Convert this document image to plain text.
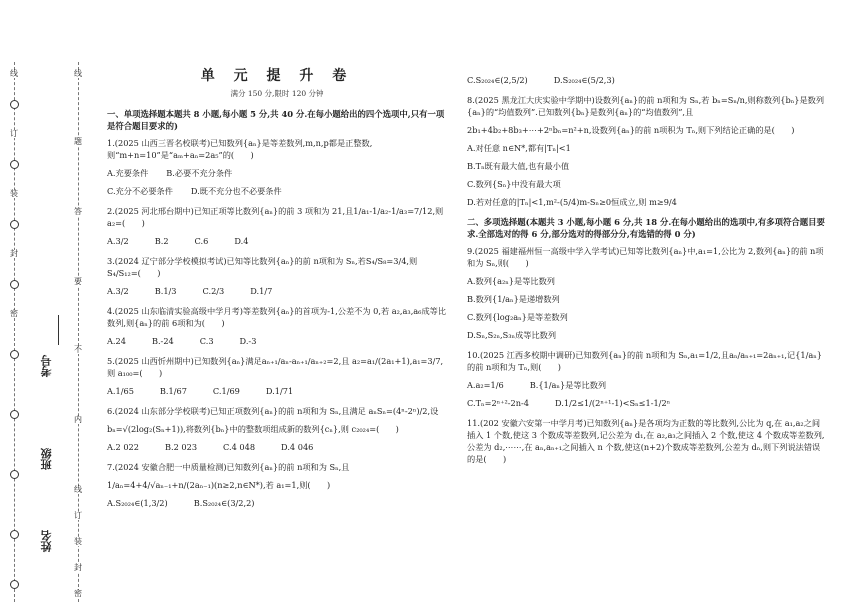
线
订
装
封
密
线
题
答
要
不
内
线
订
装
封
密
考号
班级
姓名
单 元 提 升 卷
满分 150 分,限时 120 分钟
一、单项选择题本题共 8 小题,每小题 5 分,共 40 分.在每小题给出的四个选项中,只有一项是符合题目要求的)
1.(2025 山西三晋名校联考)已知数列{aₙ}是等差数列,m,n,p都是正整数,则“m+n=10”是“aₘ+aₙ=2a₅”的(　　)
A.充要条件 B.必要不充分条件
C.充分不必要条件 D.既不充分也不必要条件
2.(2025 河北邢台期中)已知正项等比数列{aₙ}的前 3 项和为 21,且1/a₁-1/a₂-1/a₃=7/12,则 a₂=(　　)
A.3/2	B.2	C.6	D.4
3.(2024 辽宁部分学校模拟考试)已知等比数列{aₙ}的前 n项和为 Sₙ,若S₄/S₈=3/4,则S₄/S₁₂=(　　)
A.3/2	B.1/3	C.2/3	D.1/7
4.(2025 山东临清实验高级中学月考)等差数列{aₙ}的首项为-1,公差不为 0,若 a₂,a₃,a₆成等比数列,则{aₙ}的前 6项和为(　　)
A.24	B.-24	C.3	D.-3
5.(2025 山西忻州期中)已知数列{aₙ}满足aₙ₊₁/aₙ-aₙ₊₁/aₙ₊₂=2,且 a₂=a₁/(2a₁+1),a₁=3/7,则 a₁₀₀=(　　)
A.1/65	B.1/67	C.1/69	D.1/71
6.(2024 山东部分学校联考)已知正项数列{aₙ}的前 n项和为 Sₙ,且满足 aₙSₙ=(4ⁿ-2ⁿ)/2,设
bₙ=√(2log₂(Sₙ+1)),将数列{bₙ}中的整数项组成新的数列{cₙ},则 c₂₀₂₄=(　　)
A.2 022	B.2 023	C.4 048	D.4 046
7.(2024 安徽合肥一中质量检测)已知数列{aₙ}的前 n项和为 Sₙ,且
1/aₙ=4+4/√aₙ₋₁+n/(2aₙ₋₁)(n≥2,n∈N*),若 a₁=1,则(　　)
A.S₂₀₂₄∈(1,3/2)	B.S₂₀₂₄∈(3/2,2)
C.S₂₀₂₄∈(2,5/2)	D.S₂₀₂₄∈(5/2,3)
8.(2025 黑龙江大庆实验中学期中)设数列{aₙ}的前 n项和为 Sₙ,若 bₙ=Sₙ/n,则称数列{bₙ}是数列{aₙ}的“均值数列”.已知数列{bₙ}是数列{aₙ}的“均值数列”,且
2b₁+4b₂+8b₃+⋯+2ⁿbₙ=n²+n,设数列{aₙ}的前 n项积为 Tₙ,则下列结论正确的是(　　)
A.对任意 n∈N*,都有|Tₙ|<1
B.Tₙ既有最大值,也有最小值
C.数列{Sₙ}中没有最大项
D.若对任意的|Tₙ|<1,m²-(5/4)m-Sₙ≥0恒成立,则 m≥9/4
二、多项选择题(本题共 3 小题,每小题 6 分,共 18 分.在每小题给出的选项中,有多项符合题目要求.全部选对的得 6 分,部分选对的得部分分,有选错的得 0 分)
9.(2025 福建福州恒一高级中学入学考试)已知等比数列{aₙ}中,a₁=1,公比为 2,数列{aₙ}的前 n项和为 Sₙ,则(　　)
A.数列{a₂ₙ}是等比数列
B.数列{1/aₙ}是递增数列
C.数列{log₂aₙ}是等差数列
D.Sₙ,S₂ₙ,S₃ₙ成等比数列
10.(2025 江西多校期中调研)已知数列{aₙ}的前 n项和为 Sₙ,a₁=1/2,且aₙ/aₙ₊₁=2aₙ₊₁,记{1/aₙ}的前 n项和为 Tₙ,则(　　)
A.a₂=1/6	B.{1/aₙ}是等比数列
C.Tₙ=2ⁿ⁺²-2n-4	D.1/2≤1/(2ⁿ⁺¹-1)<Sₙ≤1-1/2ⁿ
11.(202 安徽六安第一中学月考)已知数列{aₙ}是各项均为正数的等比数列,公比为 q,在 a₁,a₂之间插入 1 个数,使这 3 个数成等差数列,记公差为 d₁,在 a₂,a₃之间插入 2 个数,使这 4 个数成等差数列,公差为 d₂,⋯⋯,在 aₙ,aₙ₊₁之间插入 n 个数,使这(n+2)个数成等差数列,公差为 dₙ,则下列说法错误的是(　　)
